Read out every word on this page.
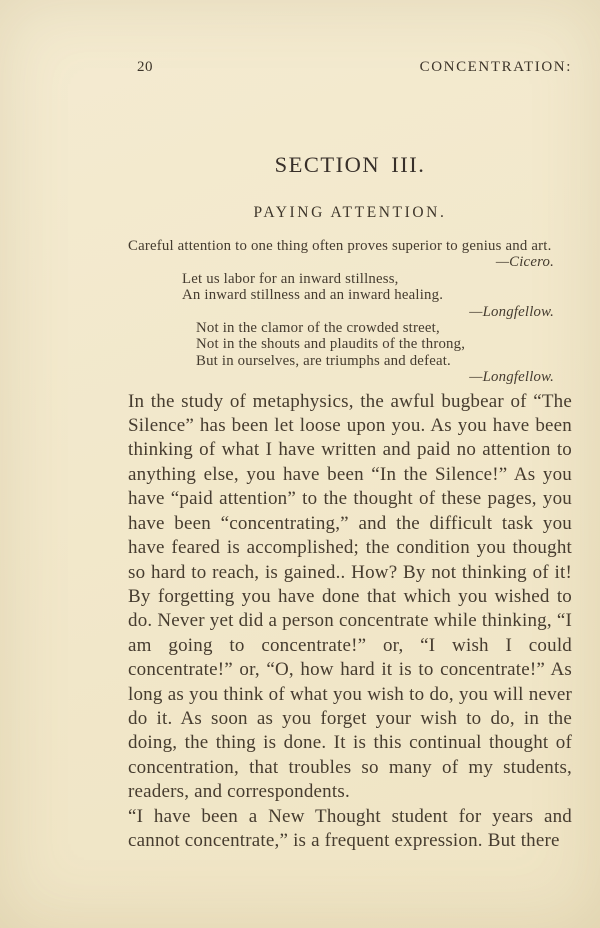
20	CONCENTRATION:
SECTION III.
PAYING ATTENTION.

Careful attention to one thing often proves superior to genius and art.

—Cicero.
Let us labor for an inward stillness,
An inward stillness and an inward healing.
—Longfellow.
Not in the clamor of the crowded street,
Not in the shouts and plaudits of the throng,
But in ourselves, are triumphs and defeat.
—Longfellow.

In the study of metaphysics, the awful bugbear of “The Silence” has been let loose upon you. As you have been thinking of what I have written and paid no attention to anything else, you have been “In the Silence!” As you have “paid attention” to the thought of these pages, you have been “concentrating,” and the difficult task you have feared is accomplished; the condition you thought so hard to reach, is gained.. How? By not thinking of it! By forgetting you have done that which you wished to do. Never yet did a person concentrate while thinking, “I am going to concentrate!” or, “I wish I could concentrate!” or, “O, how hard it is to concentrate!” As long as you think of what you wish to do, you will never do it. As soon as you forget your wish to do, in the doing, the thing is done. It is this continual thought of concentration, that troubles so many of my students, readers, and correspondents.

“I have been a New Thought student for years and cannot concentrate,” is a frequent expression. But there
